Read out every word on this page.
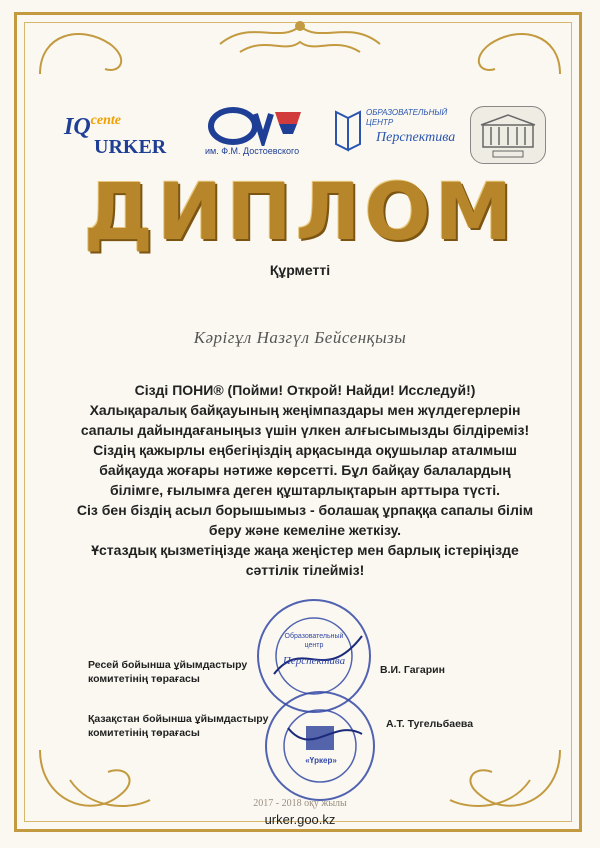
IQcente
URKER	им. Ф.М. Достоевского
ОБРАЗОВАТЕЛЬНЫЙ ЦЕНТР
Перспектива
ДИПЛОМ
Құрметті
Кәрігұл Назгүл Бейсенқызы

Сізді ПОНИ® (Пойми! Открой! Найди! Исследуй!)

Халықаралық байқауының жеңімпаздары мен жүлдегерлерін

сапалы дайындағаныңыз үшін үлкен алғысымызды білдіреміз!

Сіздің қажырлы еңбегіңіздің арқасында оқушылар аталмыш

байқауда жоғары нәтиже көрсетті. Бұл байқау балалардың

білімге, ғылымға деген құштарлықтарын арттыра түсті.

Сіз бен біздің асыл борышымыз - болашақ ұрпаққа сапалы білім

беру және кемеліне жеткізу.

Ұстаздық қызметіңізде жаңа жеңістер мен барлық істеріңізде

сәттілік тілейміз!

Образовательный центр
Перспектива
«Үркер»
Ресей бойынша ұйымдастыру
комитетінің төрағасы
В.И. Гагарин
Қазақстан бойынша ұйымдастыру
комитетінің төрағасы
А.Т. Тугельбаева
2017 - 2018 оқу жылы
urker.goo.kz
